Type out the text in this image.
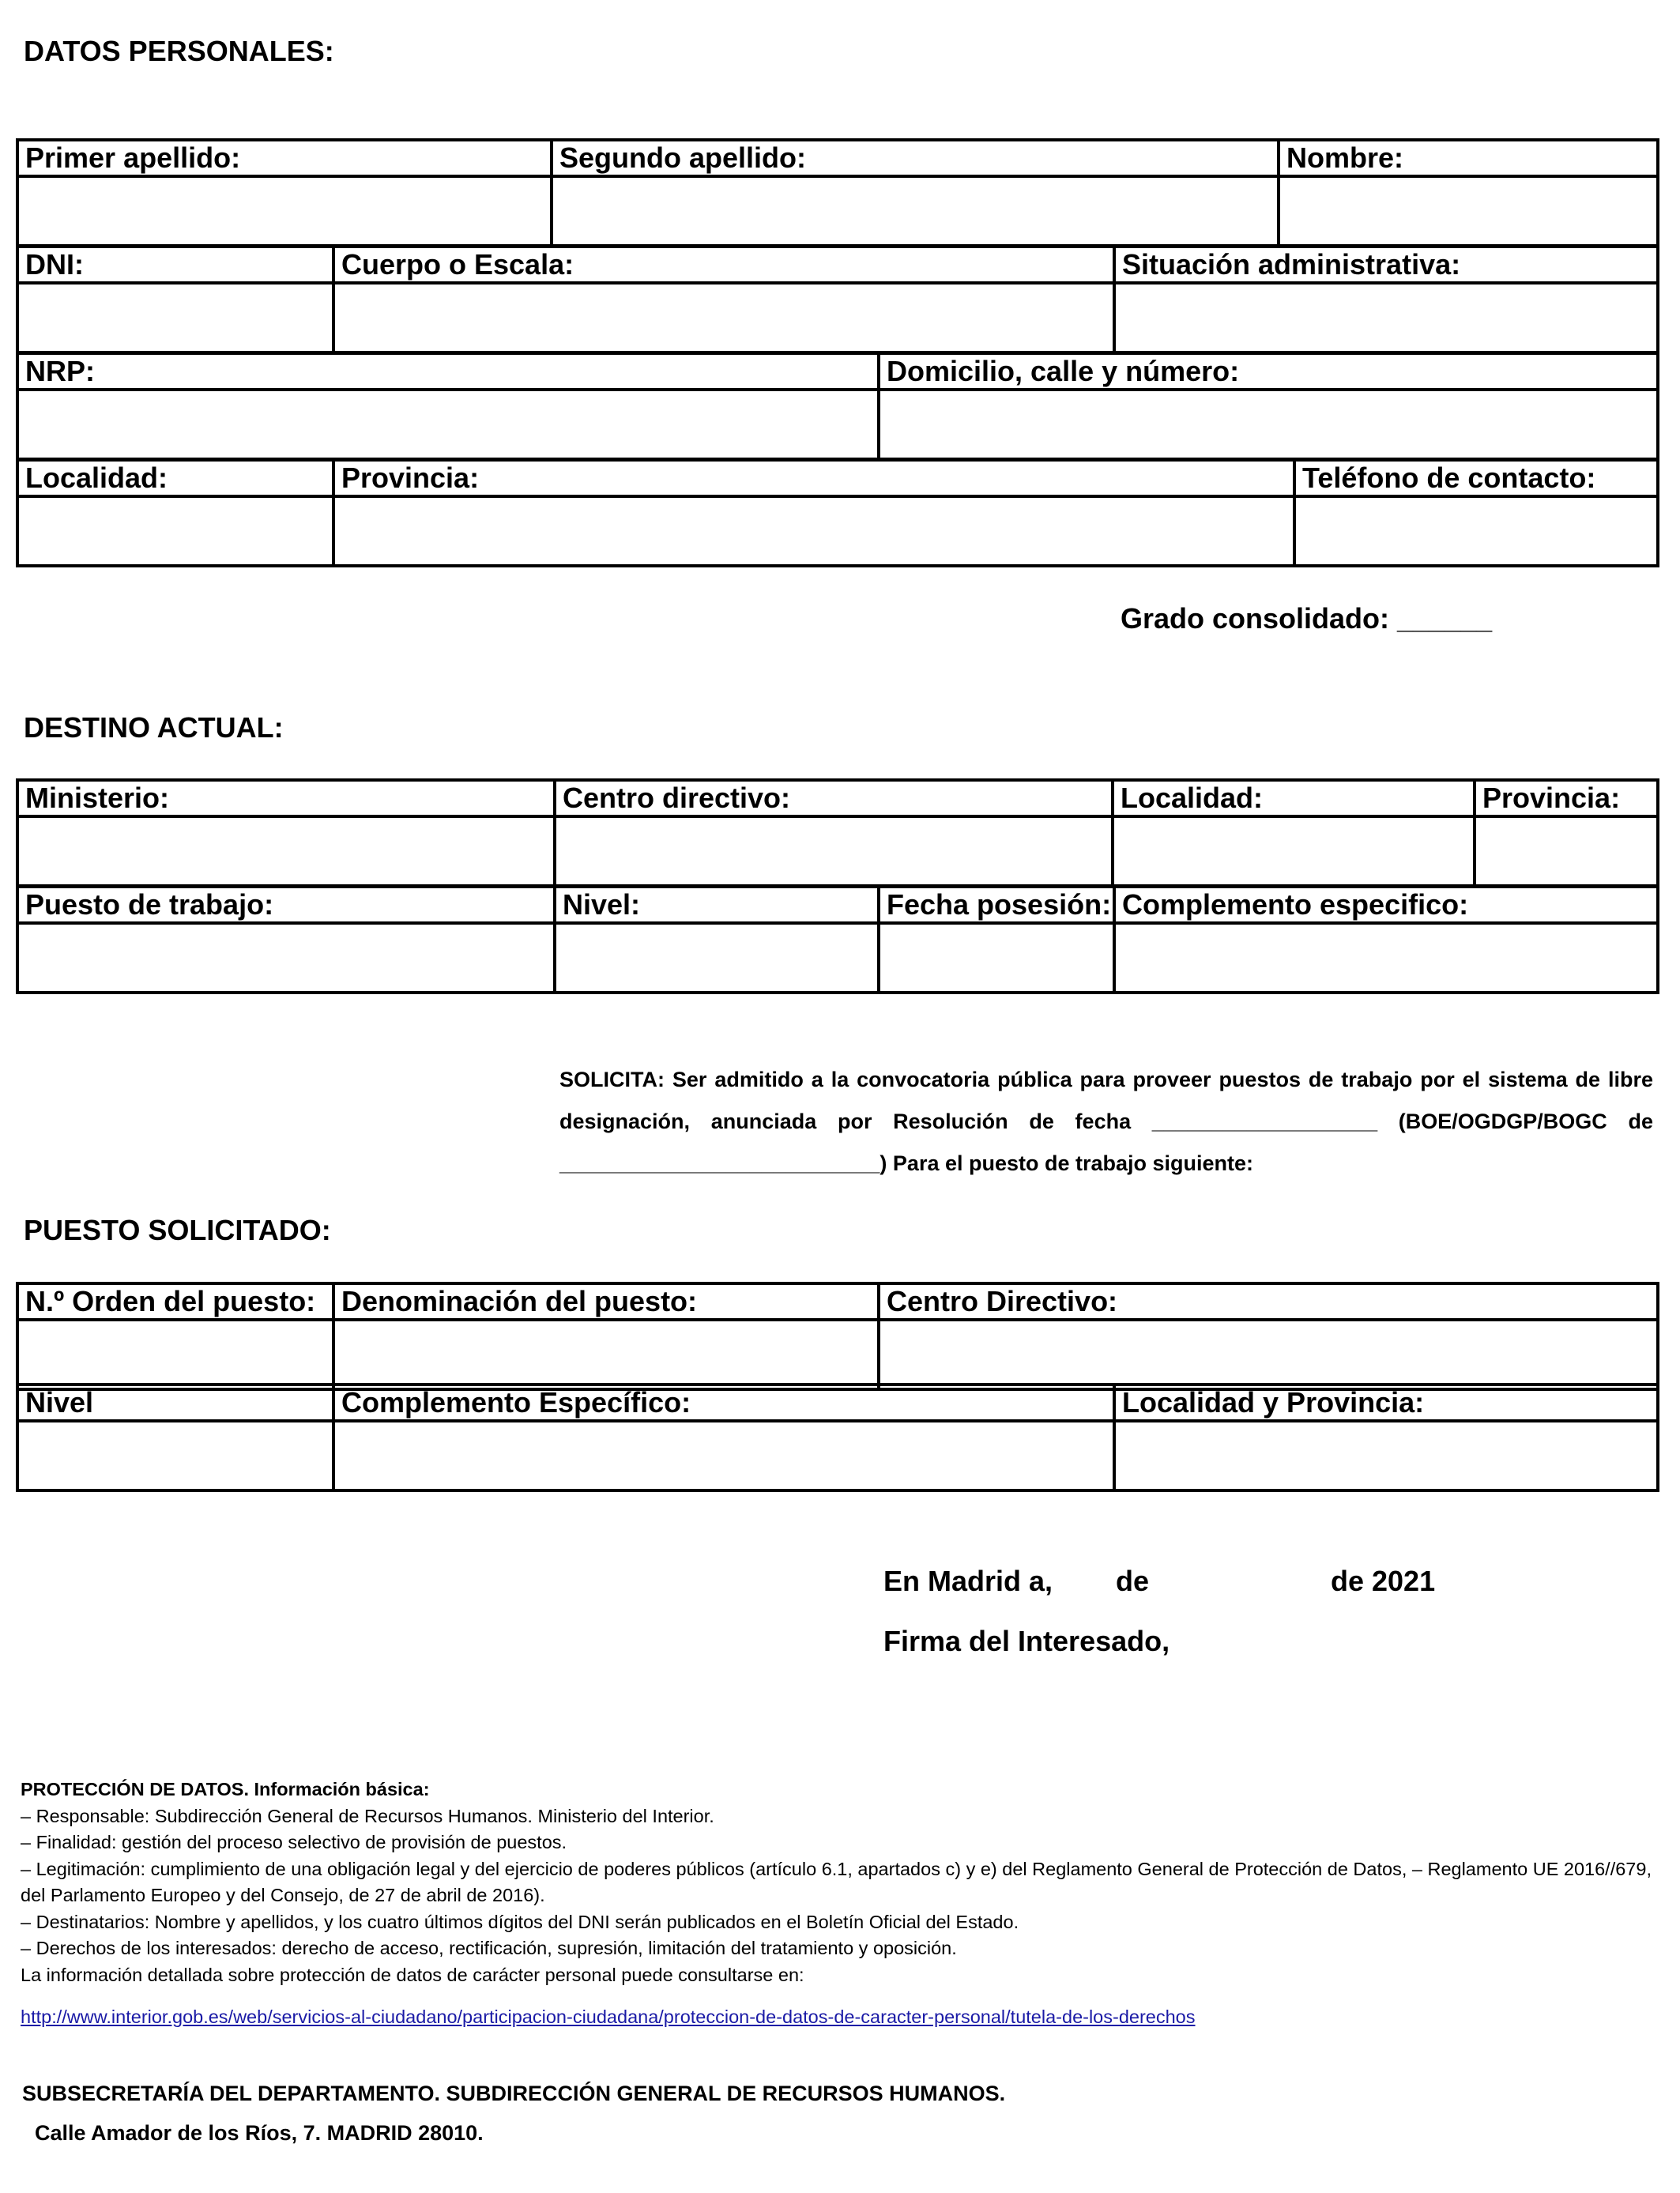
DATOS PERSONALES:
Primer apellido:	Segundo apellido:	Nombre:

DNI:	Cuerpo o Escala:	Situación administrativa:

NRP:	Domicilio, calle y número:

Localidad:	Provincia:	Teléfono de contacto:

Grado consolidado: ______
DESTINO ACTUAL:
Ministerio:	Centro directivo:	Localidad:	Provincia:

Puesto de trabajo:	Nivel:	Fecha posesión:	Complemento especifico:

SOLICITA: Ser admitido a la convocatoria pública para proveer puestos de trabajo por el sistema de libre designación, anunciada por Resolución de fecha ___________________ (BOE/OGDGP/BOGC de ___________________________) Para el puesto de trabajo siguiente:
PUESTO SOLICITADO:
N.º Orden del puesto:	Denominación del puesto:	Centro Directivo:

Nivel	Complemento Específico:	Localidad y Provincia:

En Madrid a, de	de 2021
Firma del Interesado,
PROTECCIÓN DE DATOS. Información básica:
– Responsable: Subdirección General de Recursos Humanos. Ministerio del Interior.
– Finalidad: gestión del proceso selectivo de provisión de puestos.
– Legitimación: cumplimiento de una obligación legal y del ejercicio de poderes públicos (artículo 6.1, apartados c) y e) del Reglamento General de Protección de Datos, – Reglamento UE 2016//679, del Parlamento Europeo y del Consejo, de 27 de abril de 2016).
– Destinatarios: Nombre y apellidos, y los cuatro últimos dígitos del DNI serán publicados en el Boletín Oficial del Estado.
– Derechos de los interesados: derecho de acceso, rectificación, supresión, limitación del tratamiento y oposición.
La información detallada sobre protección de datos de carácter personal puede consultarse en:
http://www.interior.gob.es/web/servicios-al-ciudadano/participacion-ciudadana/proteccion-de-datos-de-caracter-personal/tutela-de-los-derechos
SUBSECRETARÍA DEL DEPARTAMENTO. SUBDIRECCIÓN GENERAL DE RECURSOS HUMANOS.
Calle Amador de los Ríos, 7. MADRID 28010.
